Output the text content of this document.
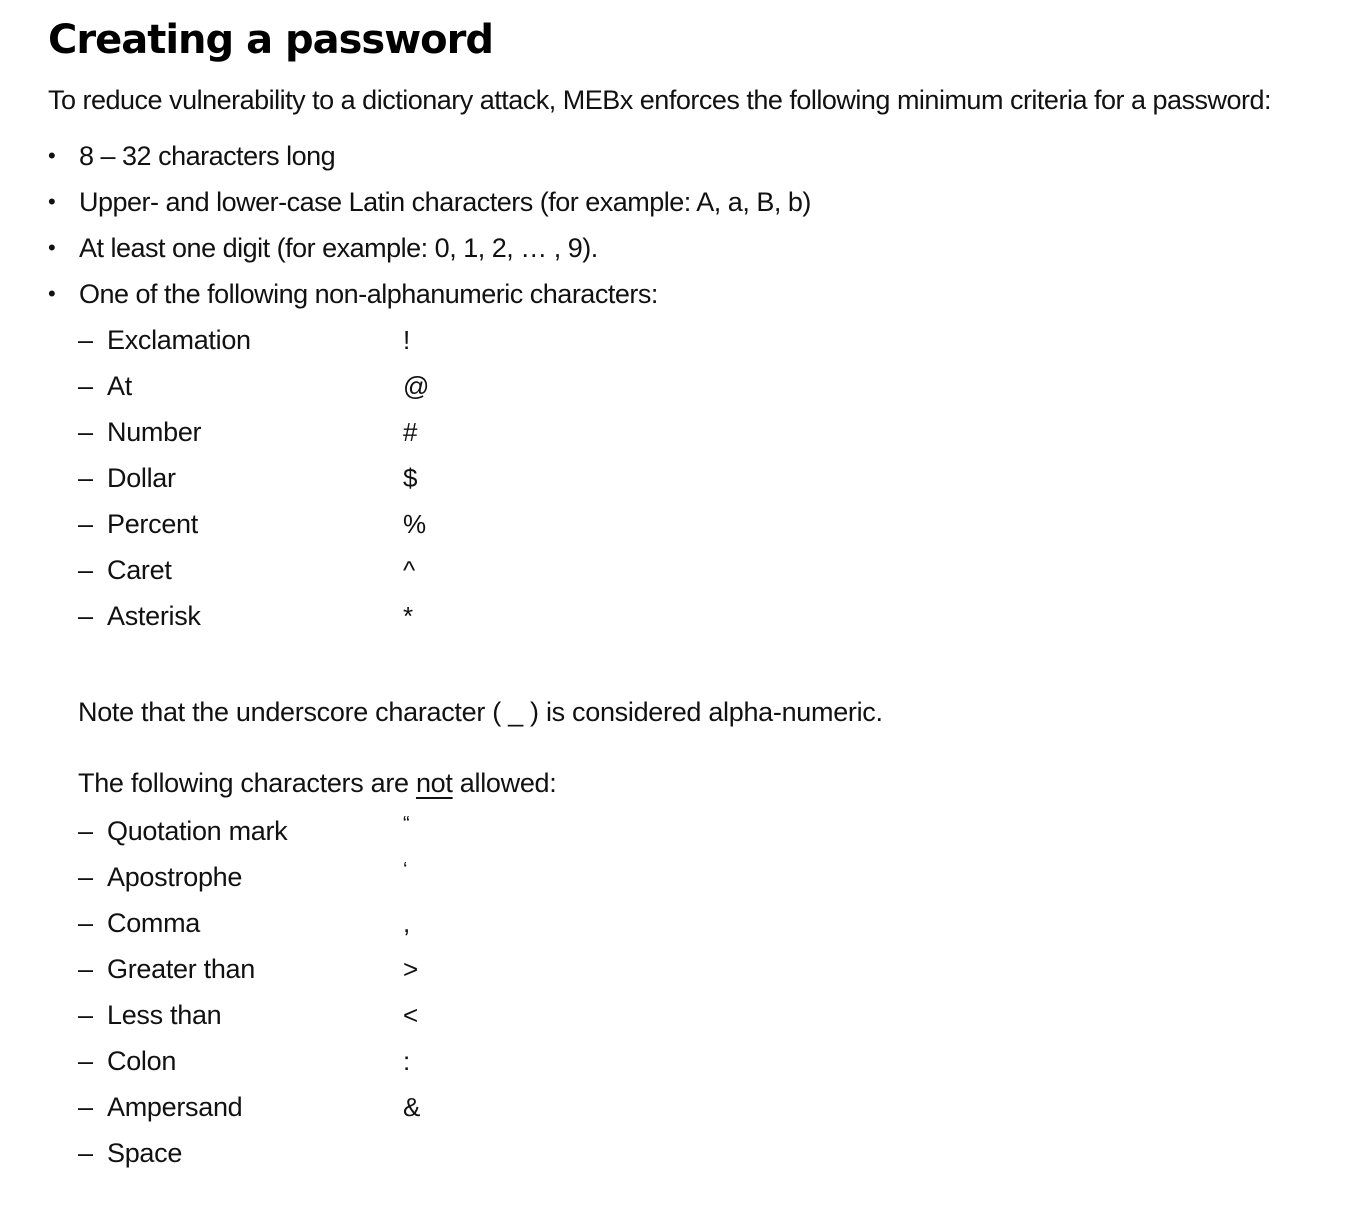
Creating a password

To reduce vulnerability to a dictionary attack, MEBx enforces the following minimum criteria for a password:

• 8 – 32 characters long
• Upper- and lower-case Latin characters (for example: A, a, B, b)
• At least one digit (for example: 0, 1, 2, … , 9).
• One of the following non-alphanumeric characters:
– Exclamation	!
– At	@
– Number	#
– Dollar	$
– Percent	%
– Caret	^
– Asterisk	*

Note that the underscore character ( _ ) is considered alpha-numeric.

The following characters are not allowed:

– Quotation mark	“
– Apostrophe	‘
– Comma	,
– Greater than	>
– Less than	<
– Colon	:
– Ampersand	&
– Space
